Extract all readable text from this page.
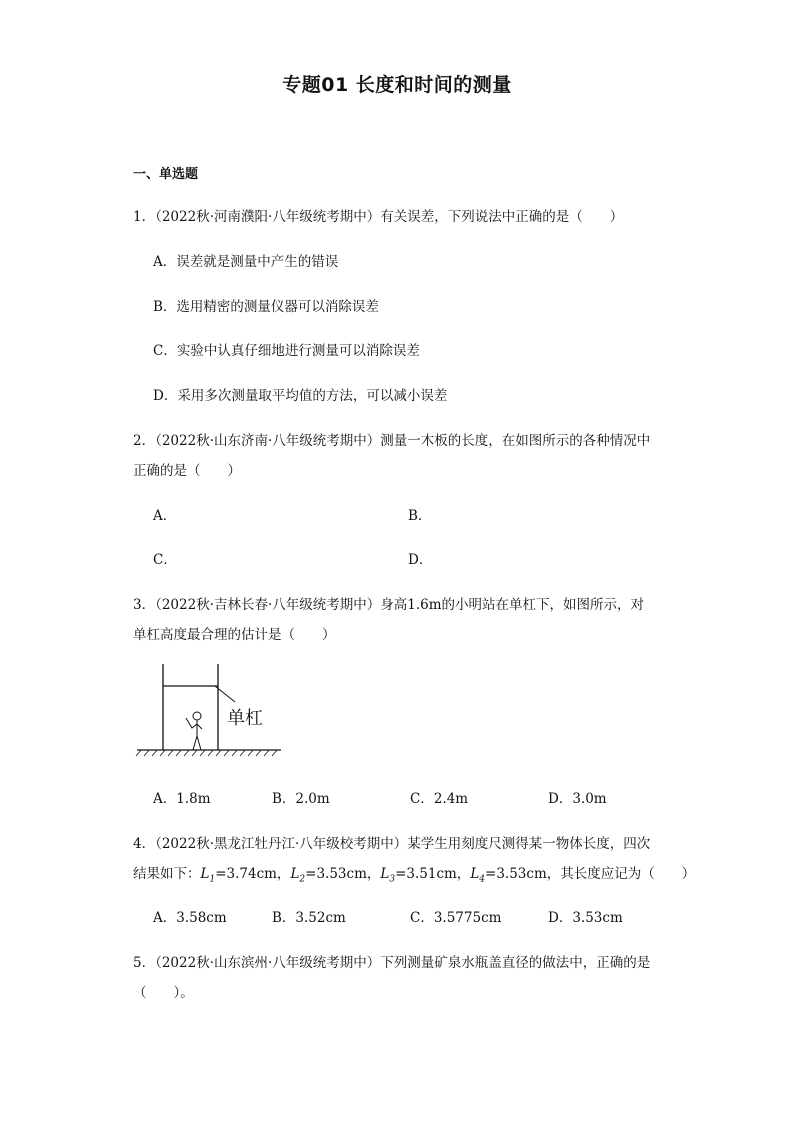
专题01 长度和时间的测量
一、单选题
1．（2022秋·河南濮阳·八年级统考期中）有关误差，下列说法中正确的是（　　）
A．误差就是测量中产生的错误
B．选用精密的测量仪器可以消除误差
C．实验中认真仔细地进行测量可以消除误差
D．采用多次测量取平均值的方法，可以减小误差
2．（2022秋·山东济南·八年级统考期中）测量一木板的长度，在如图所示的各种情况中
正确的是（　　）
A．	B．
C．	D．
3．（2022秋·吉林长春·八年级统考期中）身高1.6m的小明站在单杠下，如图所示，对
单杠高度最合理的估计是（　　）
单杠
A．1.8m	B．2.0m	C．2.4m	D．3.0m
4．（2022秋·黑龙江牡丹江·八年级校考期中）某学生用刻度尺测得某一物体长度，四次
结果如下：$L_1=3.74cm$，$L_2=3.53cm$，$L_3=3.51cm$，$L_4=3.53cm$，其长度应记为（　　）
A．3.58cm	B．3.52cm	C．3.5775cm	D．3.53cm
5．（2022秋·山东滨州·八年级统考期中）下列测量矿泉水瓶盖直径的做法中，正确的是
（　　）。
